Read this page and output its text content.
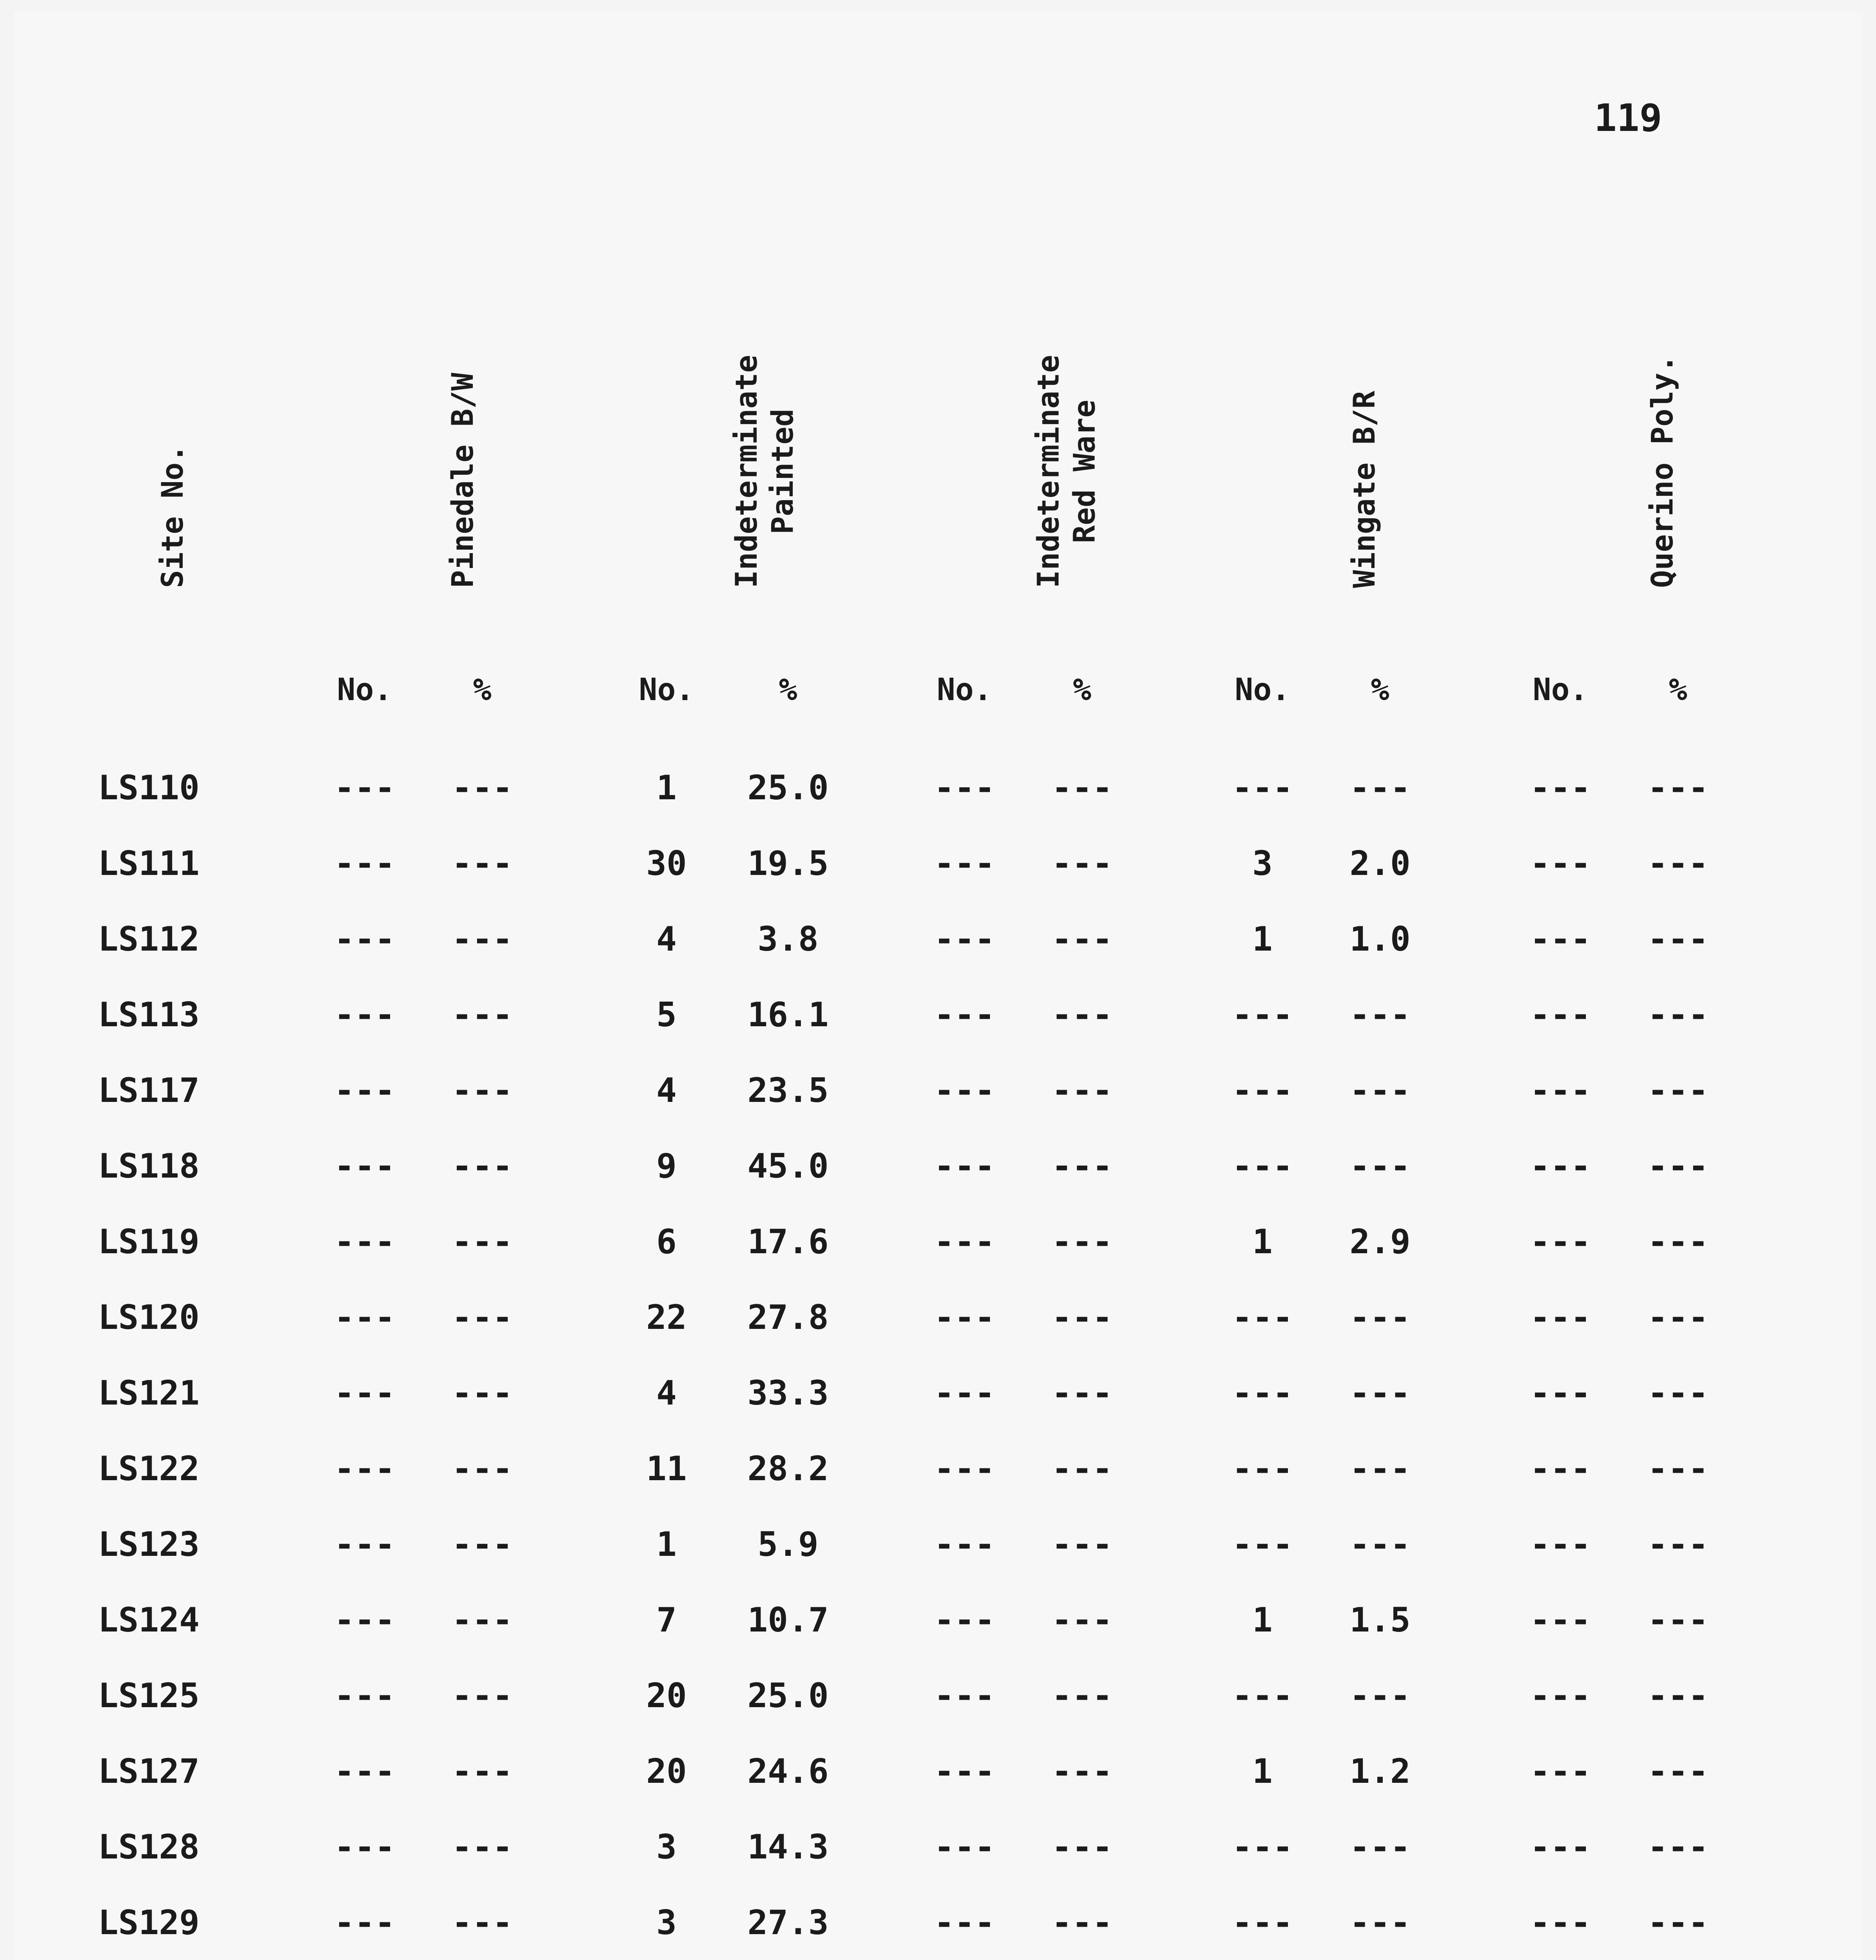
119
Site No.	Pinedale B/W	Indeterminate Painted	Indeterminate Red Ware	Wingate B/R	Querino Poly.
No.	%	No.	%	No.	%	No.	%	No.	%
LS110	--- ---	1 25.0	--- ---	--- ---	--- ---
LS111	--- ---	30 19.5	--- ---	3 2.0	--- ---
LS112	--- ---	4 3.8	--- ---	1 1.0	--- ---
LS113	--- ---	5 16.1	--- ---	--- ---	--- ---
LS117	--- ---	4 23.5	--- ---	--- ---	--- ---
LS118	--- ---	9 45.0	--- ---	--- ---	--- ---
LS119	--- ---	6 17.6	--- ---	1 2.9	--- ---
LS120	--- ---	22 27.8	--- ---	--- ---	--- ---
LS121	--- ---	4 33.3	--- ---	--- ---	--- ---
LS122	--- ---	11 28.2	--- ---	--- ---	--- ---
LS123	--- ---	1 5.9	--- ---	--- ---	--- ---
LS124	--- ---	7 10.7	--- ---	1 1.5	--- ---
LS125	--- ---	20 25.0	--- ---	--- ---	--- ---
LS127	--- ---	20 24.6	--- ---	1 1.2	--- ---
LS128	--- ---	3 14.3	--- ---	--- ---	--- ---
LS129	--- ---	3 27.3	--- ---	--- ---	--- ---
